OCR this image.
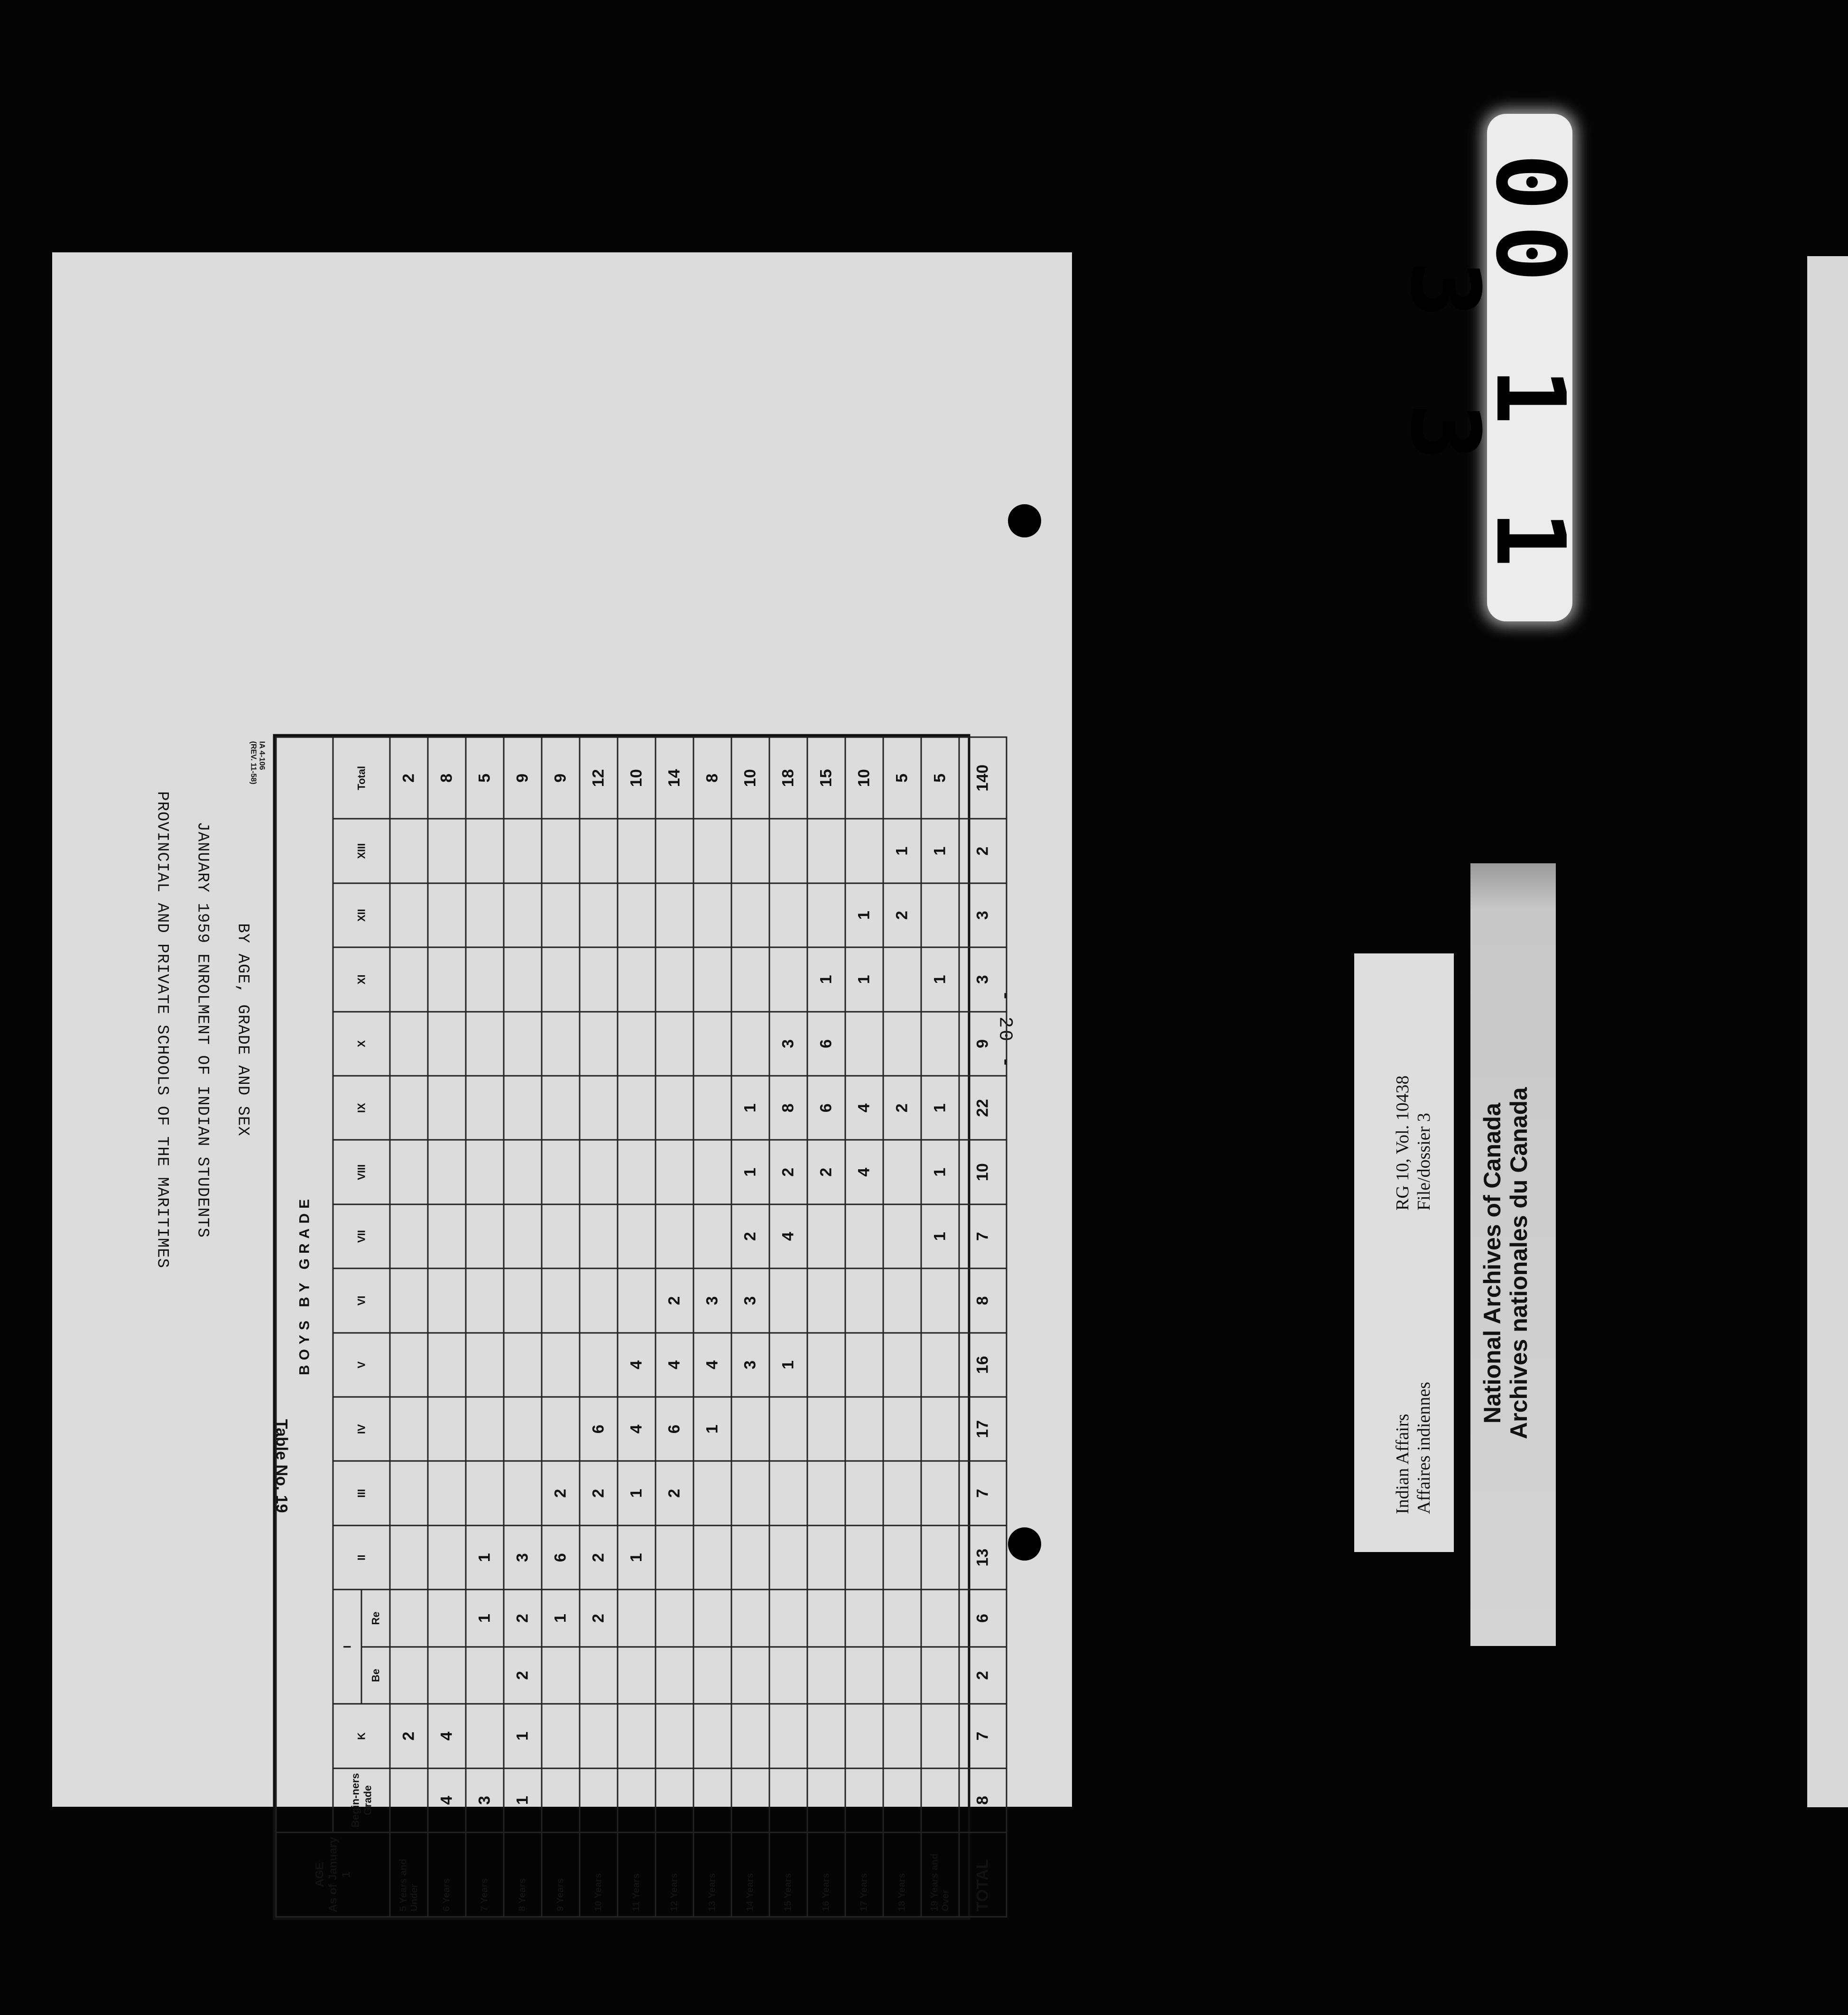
- 20 -
AGE As of January 1	BOYS BY GRADE																
	Begin-ners Grade	K	I		II	III	IV	V	VI	VII	VIII	IX	X	XI	XII	XIII	Total
			Be	Re													
5 Years and Under		2															2
6 Years	4	4															8
7 Years	3			1	1												5
8 Years	1	1	2	2	3												9
9 Years				1	6	2											9
10 Years				2	2	2	6										12
11 Years					1	1	4	4									10
12 Years						2	6	4	2								14
13 Years							1	4	3								8
14 Years								3	3	2	1	1					10
15 Years								1		4	2	8	3				18
16 Years											2	6	6	1			15
17 Years											4	4		1	1		10
18 Years												2			2	1	5
19 Years and Over										1	1	1		1		1	5
TOTAL	8	7	2	6	13	7	17	16	8	7	10	22	9	3	3	2	140
PROVINCIAL AND PRIVATE SCHOOLS OF THE MARITIMES JANUARY 1959 ENROLMENT OF INDIAN STUDENTS BY AGE, GRADE AND SEX
Table No. 19
IA 4-106
(REV. 11-58)
Indian Affairs Affaires indiennes
RG 10, Vol. 10438 File/dossier 3 National Archives of Canada Archives nationales du Canada
00 1 1 3 3
